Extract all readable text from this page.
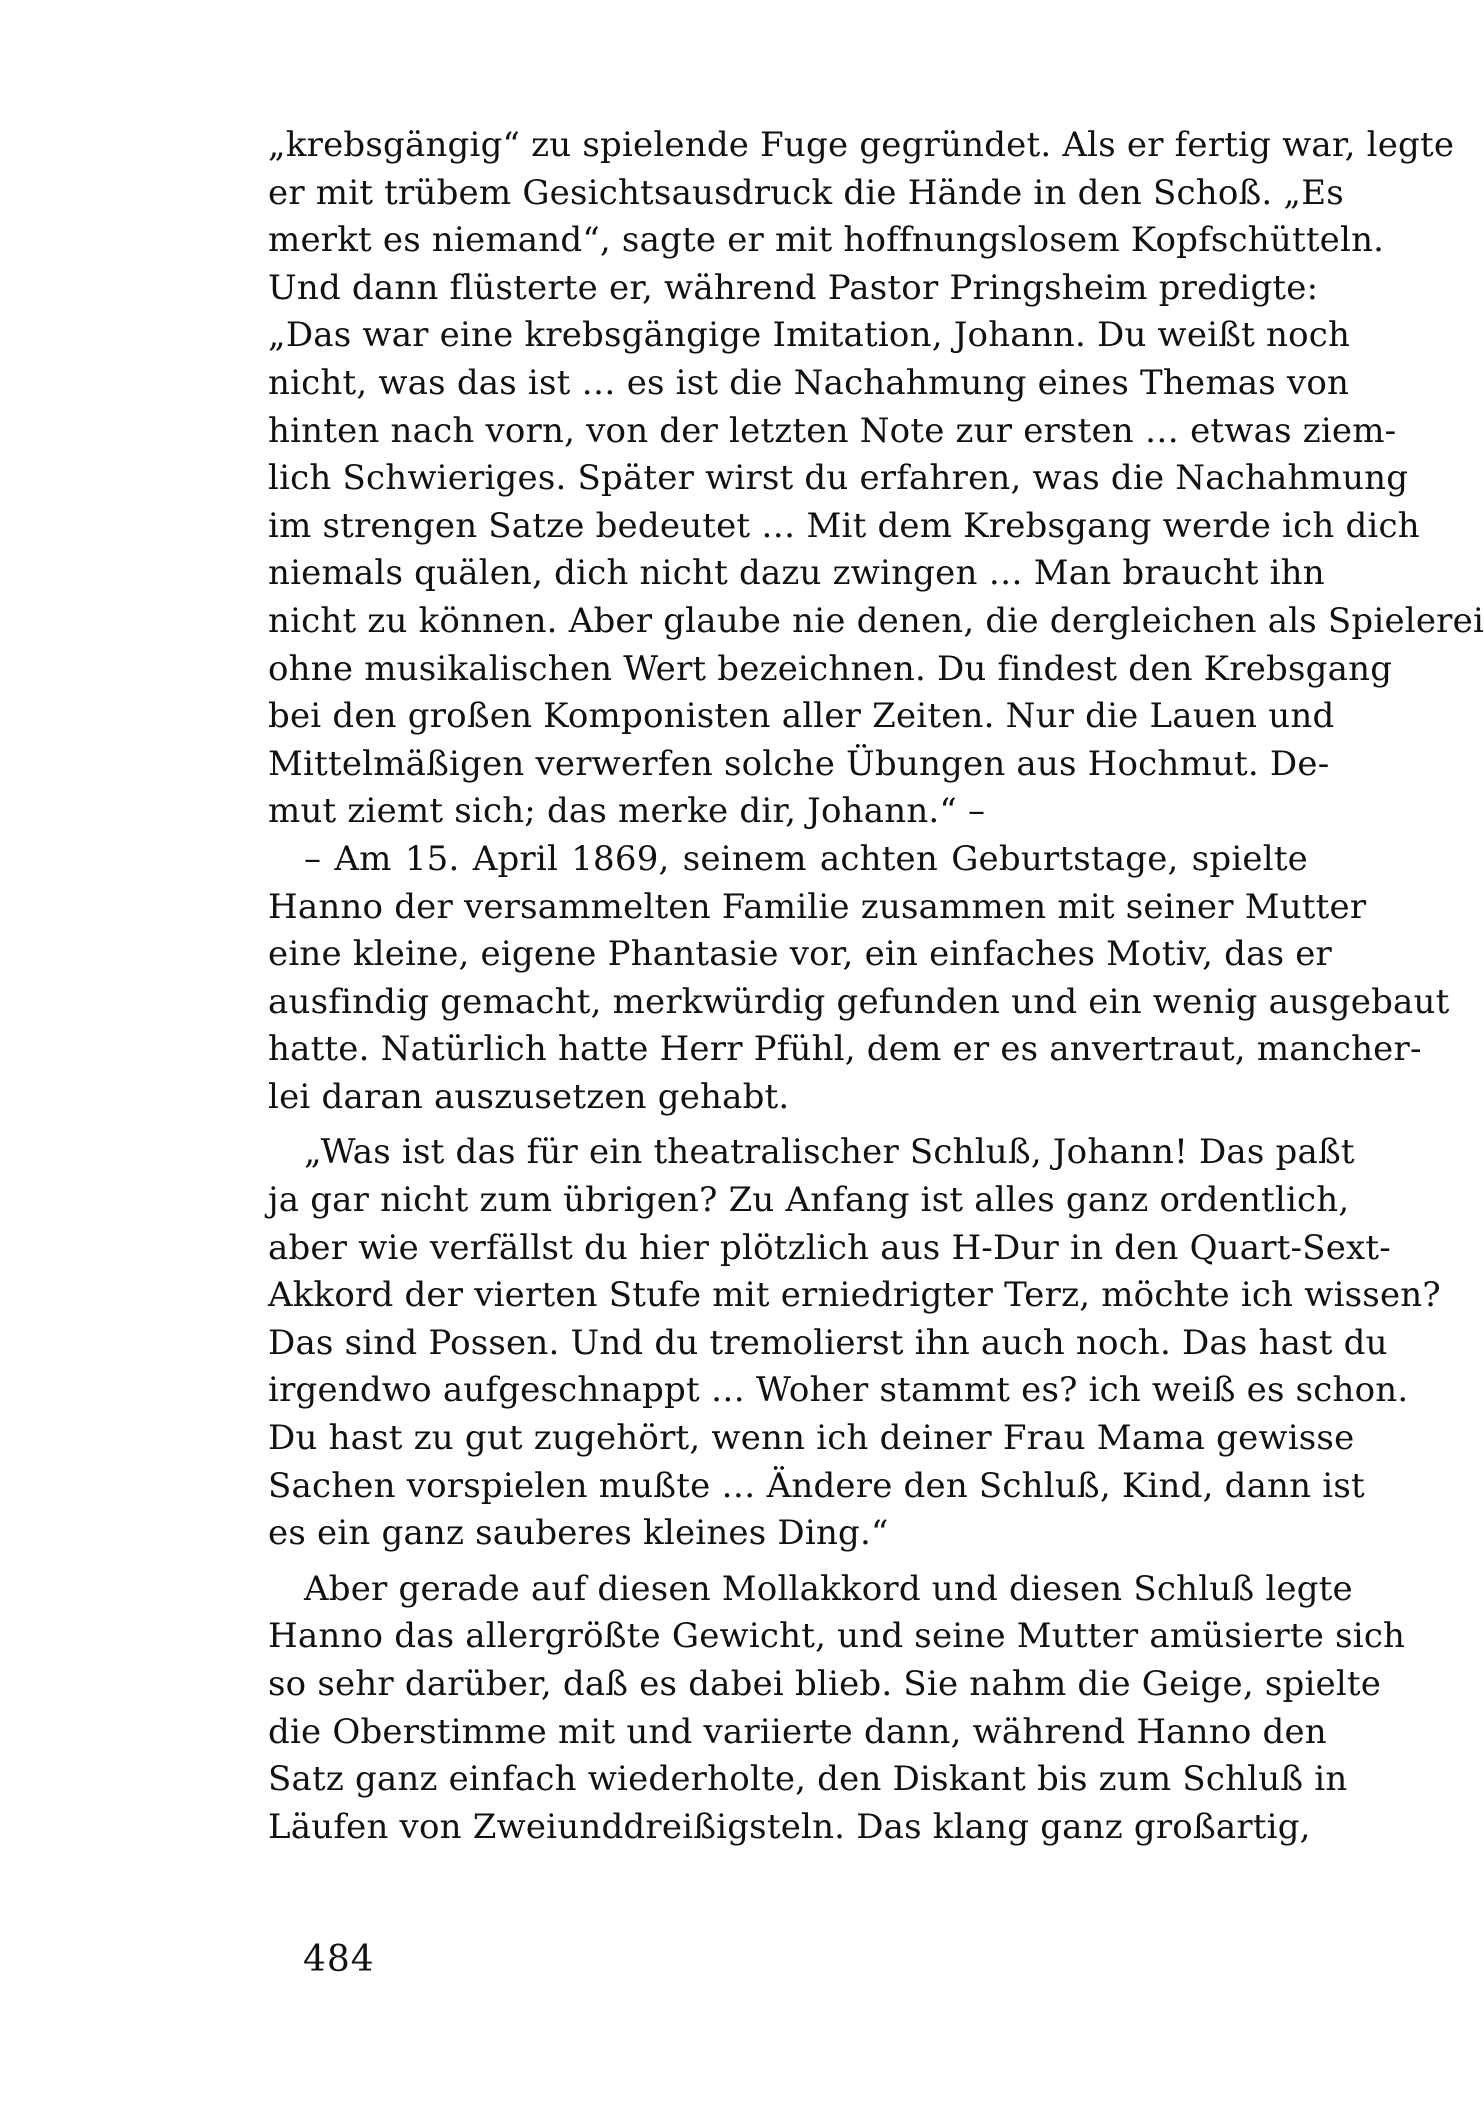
„krebsgängig“ zu spielende Fuge gegründet. Als er fertig war, legte
er mit trübem Gesichtsausdruck die Hände in den Schoß. „Es
merkt es niemand“, sagte er mit hoffnungslosem Kopfschütteln.
Und dann flüsterte er, während Pastor Pringsheim predigte:
„Das war eine krebsgängige Imitation, Johann. Du weißt noch
nicht, was das ist … es ist die Nachahmung eines Themas von
hinten nach vorn, von der letzten Note zur ersten … etwas ziem-
lich Schwieriges. Später wirst du erfahren, was die Nachahmung
im strengen Satze bedeutet … Mit dem Krebsgang werde ich dich
niemals quälen, dich nicht dazu zwingen … Man braucht ihn
nicht zu können. Aber glaube nie denen, die dergleichen als Spielerei
ohne musikalischen Wert bezeichnen. Du findest den Krebsgang
bei den großen Komponisten aller Zeiten. Nur die Lauen und
Mittelmäßigen verwerfen solche Übungen aus Hochmut. De-
mut ziemt sich; das merke dir, Johann.“ –
– Am 15. April 1869, seinem achten Geburtstage, spielte
Hanno der versammelten Familie zusammen mit seiner Mutter
eine kleine, eigene Phantasie vor, ein einfaches Motiv, das er
ausfindig gemacht, merkwürdig gefunden und ein wenig ausgebaut
hatte. Natürlich hatte Herr Pfühl, dem er es anvertraut, mancher-
lei daran auszusetzen gehabt.
„Was ist das für ein theatralischer Schluß, Johann! Das paßt
ja gar nicht zum übrigen? Zu Anfang ist alles ganz ordentlich,
aber wie verfällst du hier plötzlich aus H-Dur in den Quart-Sext-
Akkord der vierten Stufe mit erniedrigter Terz, möchte ich wissen?
Das sind Possen. Und du tremolierst ihn auch noch. Das hast du
irgendwo aufgeschnappt … Woher stammt es? ich weiß es schon.
Du hast zu gut zugehört, wenn ich deiner Frau Mama gewisse
Sachen vorspielen mußte … Ändere den Schluß, Kind, dann ist
es ein ganz sauberes kleines Ding.“
Aber gerade auf diesen Mollakkord und diesen Schluß legte
Hanno das allergrößte Gewicht, und seine Mutter amüsierte sich
so sehr darüber, daß es dabei blieb. Sie nahm die Geige, spielte
die Oberstimme mit und variierte dann, während Hanno den
Satz ganz einfach wiederholte, den Diskant bis zum Schluß in
Läufen von Zweiunddreißigsteln. Das klang ganz großartig,
484
